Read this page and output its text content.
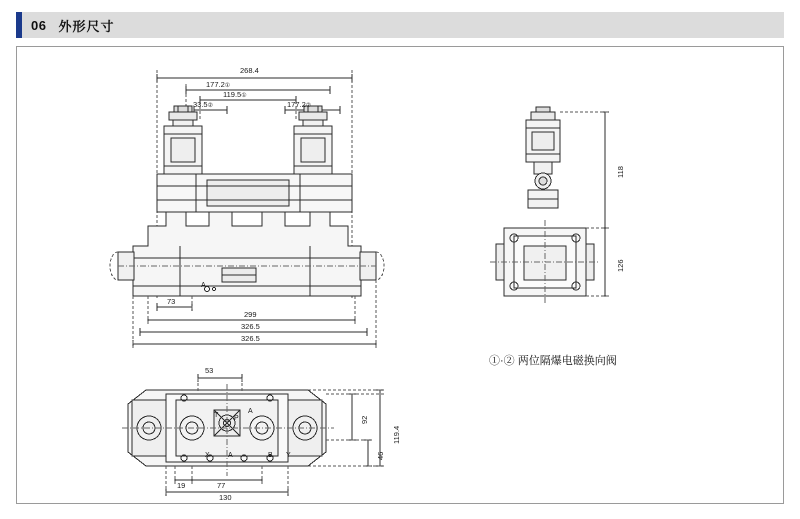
06 外形尺寸
268.4
177.2①
119.5①
33.5②	177.2②
73
299
326.5
326.5
A
118
126
①·② 两位隔爆电磁换向阀
53
19	77
130
92
46
119.4
X	A	B Y
T P
A
